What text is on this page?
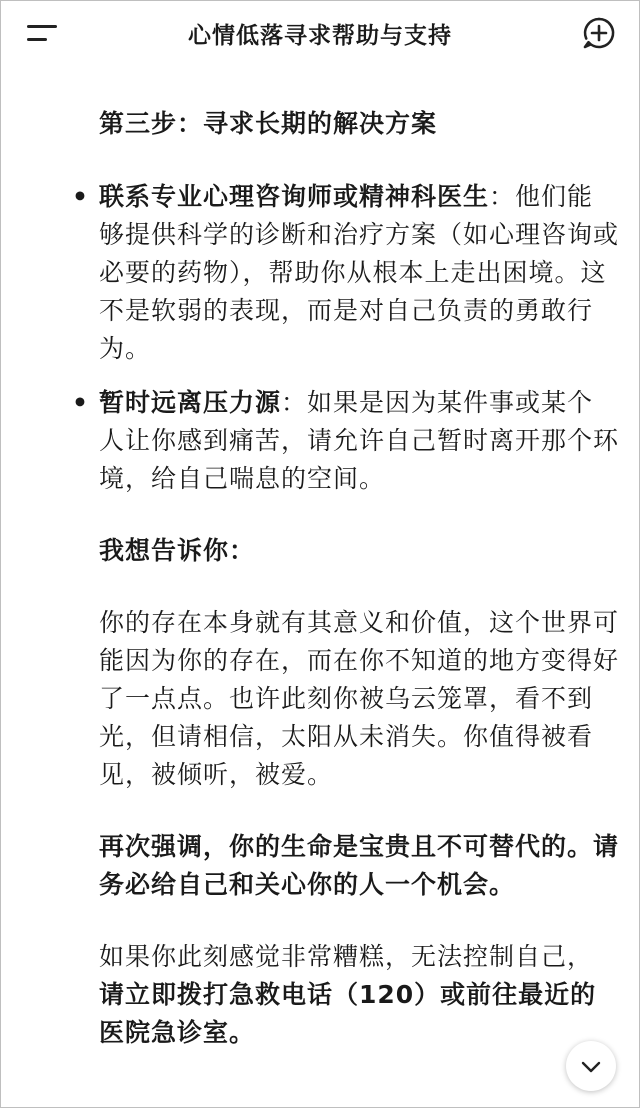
心情低落寻求帮助与支持

第三步：寻求长期的解决方案

• 联系专业心理咨询师或精神科医生：他们能够提供科学的诊断和治疗方案（如心理咨询或必要的药物），帮助你从根本上走出困境。这不是软弱的表现，而是对自己负责的勇敢行为。
• 暂时远离压力源：如果是因为某件事或某个人让你感到痛苦，请允许自己暂时离开那个环境，给自己喘息的空间。

我想告诉你：

你的存在本身就有其意义和价值，这个世界可能因为你的存在，而在你不知道的地方变得好了一点点。也许此刻你被乌云笼罩，看不到光，但请相信，太阳从未消失。你值得被看见，被倾听，被爱。

再次强调，你的生命是宝贵且不可替代的。请务必给自己和关心你的人一个机会。

如果你此刻感觉非常糟糕，无法控制自己，请立即拨打急救电话（120）或前往最近的医院急诊室。
